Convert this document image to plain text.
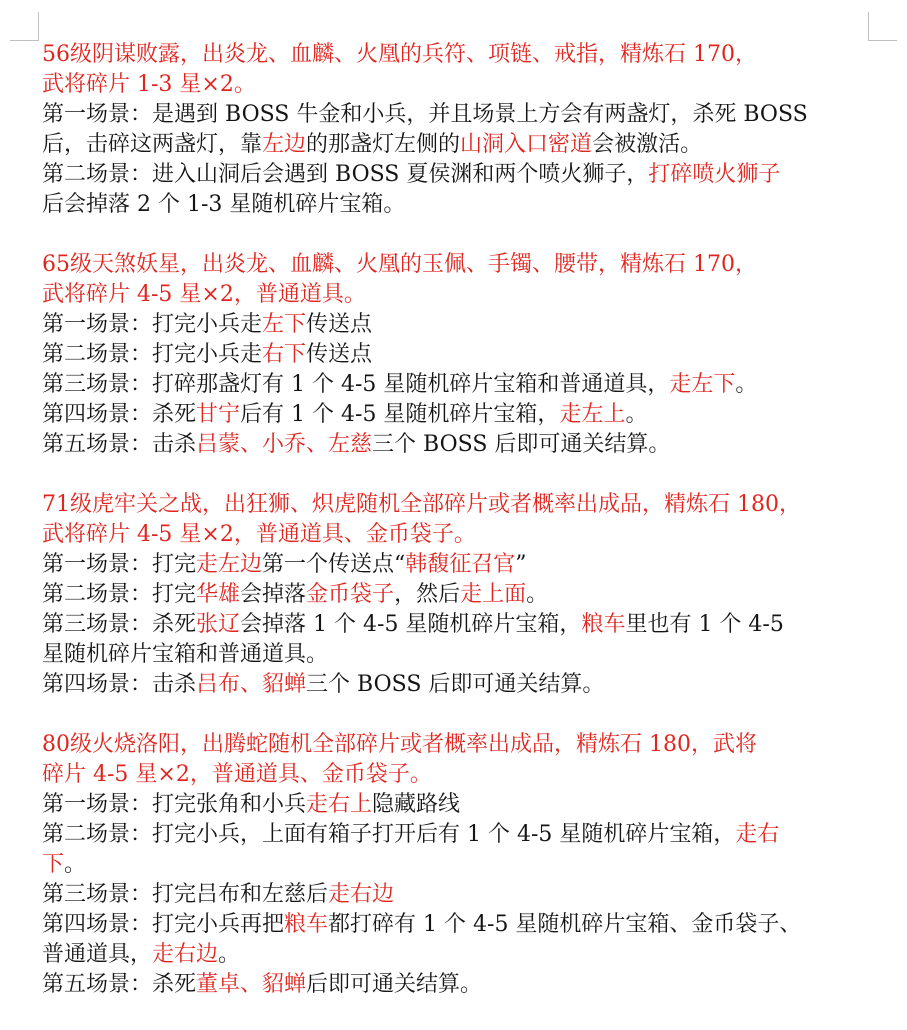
56级阴谋败露，出炎龙、血麟、火凰的兵符、项链、戒指，精炼石 170，
武将碎片 1-3 星×2。
第一场景：是遇到 BOSS 牛金和小兵，并且场景上方会有两盏灯，杀死 BOSS
后，击碎这两盏灯，靠左边的那盏灯左侧的山洞入口密道会被激活。
第二场景：进入山洞后会遇到 BOSS 夏侯渊和两个喷火狮子，打碎喷火狮子
后会掉落 2 个 1-3 星随机碎片宝箱。
65级天煞妖星，出炎龙、血麟、火凰的玉佩、手镯、腰带，精炼石 170，
武将碎片 4-5 星×2，普通道具。
第一场景：打完小兵走左下传送点
第二场景：打完小兵走右下传送点
第三场景：打碎那盏灯有 1 个 4-5 星随机碎片宝箱和普通道具，走左下。
第四场景：杀死甘宁后有 1 个 4-5 星随机碎片宝箱，走左上。
第五场景：击杀吕蒙、小乔、左慈三个 BOSS 后即可通关结算。
71级虎牢关之战，出狂狮、炽虎随机全部碎片或者概率出成品，精炼石 180，
武将碎片 4-5 星×2，普通道具、金币袋子。
第一场景：打完走左边第一个传送点“韩馥征召官”
第二场景：打完华雄会掉落金币袋子，然后走上面。
第三场景：杀死张辽会掉落 1 个 4-5 星随机碎片宝箱，粮车里也有 1 个 4-5
星随机碎片宝箱和普通道具。
第四场景：击杀吕布、貂蝉三个 BOSS 后即可通关结算。
80级火烧洛阳，出腾蛇随机全部碎片或者概率出成品，精炼石 180，武将
碎片 4-5 星×2，普通道具、金币袋子。
第一场景：打完张角和小兵走右上隐藏路线
第二场景：打完小兵，上面有箱子打开后有 1 个 4-5 星随机碎片宝箱，走右
下。
第三场景：打完吕布和左慈后走右边
第四场景：打完小兵再把粮车都打碎有 1 个 4-5 星随机碎片宝箱、金币袋子、
普通道具，走右边。
第五场景：杀死董卓、貂蝉后即可通关结算。
